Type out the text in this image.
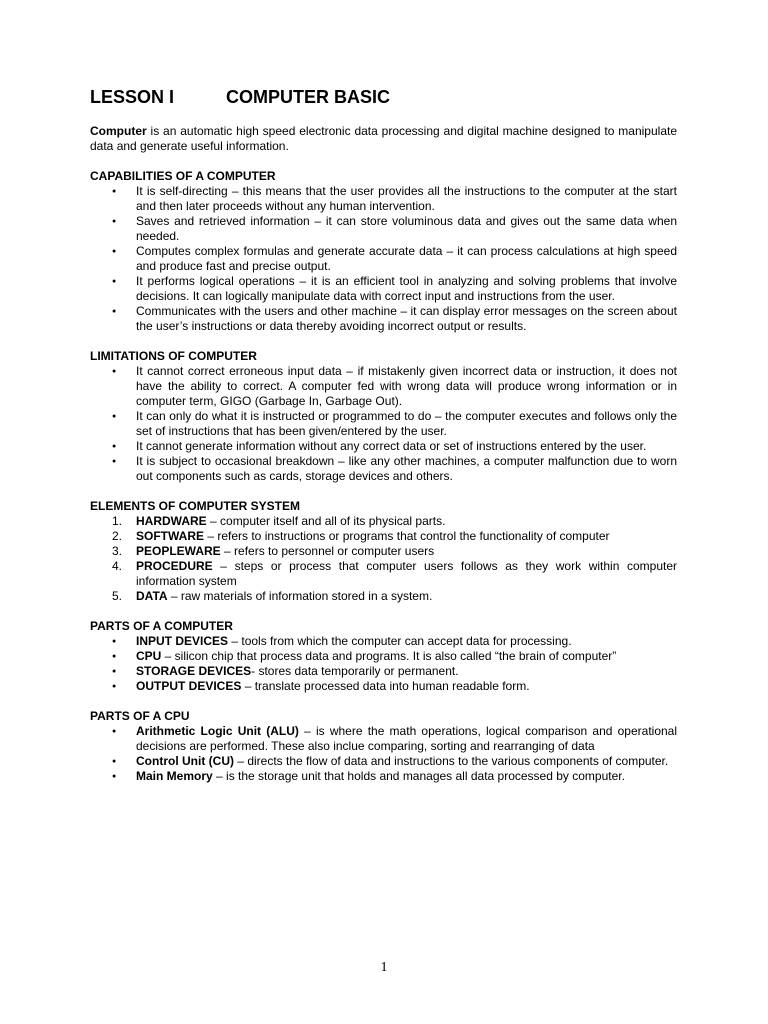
LESSON I	COMPUTER BASIC

Computer is an automatic high speed electronic data processing and digital machine designed to manipulate data and generate useful information.

CAPABILITIES OF A COMPUTER
● It is self-directing – this means that the user provides all the instructions to the computer at the start and then later proceeds without any human intervention.
● Saves and retrieved information – it can store voluminous data and gives out the same data when needed.
● Computes complex formulas and generate accurate data – it can process calculations at high speed and produce fast and precise output.
● It performs logical operations – it is an efficient tool in analyzing and solving problems that involve decisions. It can logically manipulate data with correct input and instructions from the user.
● Communicates with the users and other machine – it can display error messages on the screen about the user’s instructions or data thereby avoiding incorrect output or results.
LIMITATIONS OF COMPUTER
● It cannot correct erroneous input data – if mistakenly given incorrect data or instruction, it does not have the ability to correct. A computer fed with wrong data will produce wrong information or in computer term, GIGO (Garbage In, Garbage Out).
● It can only do what it is instructed or programmed to do – the computer executes and follows only the set of instructions that has been given/entered by the user.
● It cannot generate information without any correct data or set of instructions entered by the user.
● It is subject to occasional breakdown – like any other machines, a computer malfunction due to worn out components such as cards, storage devices and others.
ELEMENTS OF COMPUTER SYSTEM
1. HARDWARE – computer itself and all of its physical parts.
2. SOFTWARE – refers to instructions or programs that control the functionality of computer
3. PEOPLEWARE – refers to personnel or computer users
4. PROCEDURE – steps or process that computer users follows as they work within computer information system
5. DATA – raw materials of information stored in a system.
PARTS OF A COMPUTER
● INPUT DEVICES – tools from which the computer can accept data for processing.
● CPU – silicon chip that process data and programs. It is also called “the brain of computer”
● STORAGE DEVICES- stores data temporarily or permanent.
● OUTPUT DEVICES – translate processed data into human readable form.
PARTS OF A CPU
● Arithmetic Logic Unit (ALU) – is where the math operations, logical comparison and operational decisions are performed. These also inclue comparing, sorting and rearranging of data
● Control Unit (CU) – directs the flow of data and instructions to the various components of computer.
● Main Memory – is the storage unit that holds and manages all data processed by computer.
1
